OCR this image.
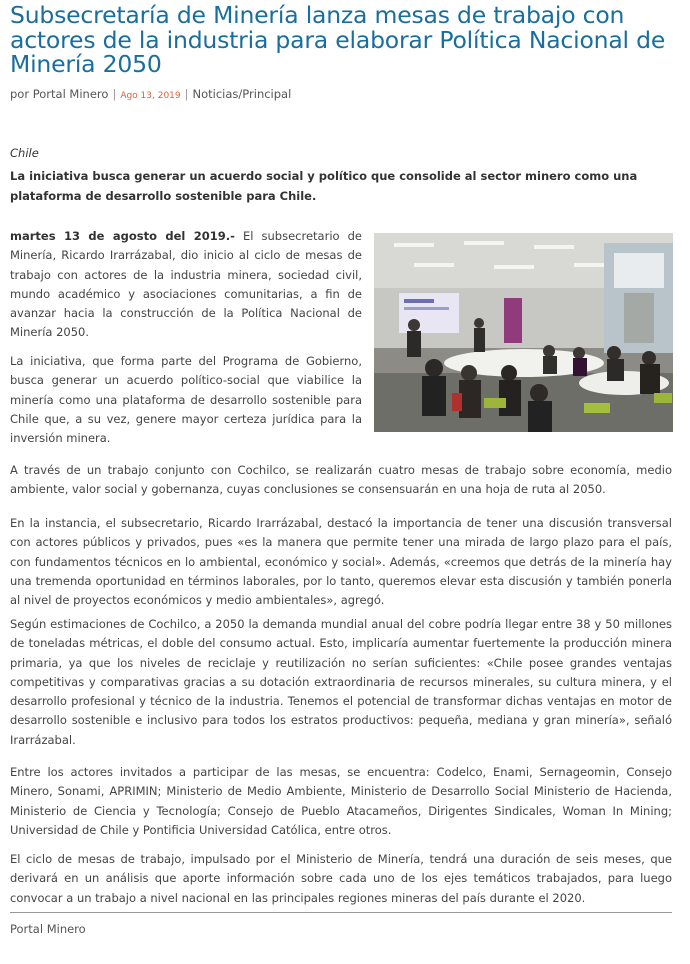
Subsecretaría de Minería lanza mesas de trabajo con actores de la industria para elaborar Política Nacional de Minería 2050
por Portal Minero | Ago 13, 2019 | Noticias/Principal
Chile
La iniciativa busca generar un acuerdo social y político que consolide al sector minero como una plataforma de desarrollo sostenible para Chile.
martes 13 de agosto del 2019.- El subsecretario de Minería, Ricardo Irarrázabal, dio inicio al ciclo de mesas de trabajo con actores de la industria minera, sociedad civil, mundo académico y asociaciones comunitarias, a fin de avanzar hacia la construcción de la Política Nacional de Minería 2050.
La iniciativa, que forma parte del Programa de Gobierno, busca generar un acuerdo político-social que viabilice la minería como una plataforma de desarrollo sostenible para Chile que, a su vez, genere mayor certeza jurídica para la inversión minera.
A través de un trabajo conjunto con Cochilco, se realizarán cuatro mesas de trabajo sobre economía, medio ambiente, valor social y gobernanza, cuyas conclusiones se consensuarán en una hoja de ruta al 2050.
En la instancia, el subsecretario, Ricardo Irarrázabal, destacó la importancia de tener una discusión transversal con actores públicos y privados, pues «es la manera que permite tener una mirada de largo plazo para el país, con fundamentos técnicos en lo ambiental, económico y social». Además, «creemos que detrás de la minería hay una tremenda oportunidad en términos laborales, por lo tanto, queremos elevar esta discusión y también ponerla al nivel de proyectos económicos y medio ambientales», agregó.
Según estimaciones de Cochilco, a 2050 la demanda mundial anual del cobre podría llegar entre 38 y 50 millones de toneladas métricas, el doble del consumo actual. Esto, implicaría aumentar fuertemente la producción minera primaria, ya que los niveles de reciclaje y reutilización no serían suficientes: «Chile posee grandes ventajas competitivas y comparativas gracias a su dotación extraordinaria de recursos minerales, su cultura minera, y el desarrollo profesional y técnico de la industria. Tenemos el potencial de transformar dichas ventajas en motor de desarrollo sostenible e inclusivo para todos los estratos productivos: pequeña, mediana y gran minería», señaló Irarrázabal.
Entre los actores invitados a participar de las mesas, se encuentra: Codelco, Enami, Sernageomin, Consejo Minero, Sonami, APRIMIN; Ministerio de Medio Ambiente, Ministerio de Desarrollo Social Ministerio de Hacienda, Ministerio de Ciencia y Tecnología; Consejo de Pueblo Atacameños, Dirigentes Sindicales, Woman In Mining; Universidad de Chile y Pontificia Universidad Católica, entre otros.
El ciclo de mesas de trabajo, impulsado por el Ministerio de Minería, tendrá una duración de seis meses, que derivará en un análisis que aporte información sobre cada uno de los ejes temáticos trabajados, para luego convocar a un trabajo a nivel nacional en las principales regiones mineras del país durante el 2020.
Portal Minero
